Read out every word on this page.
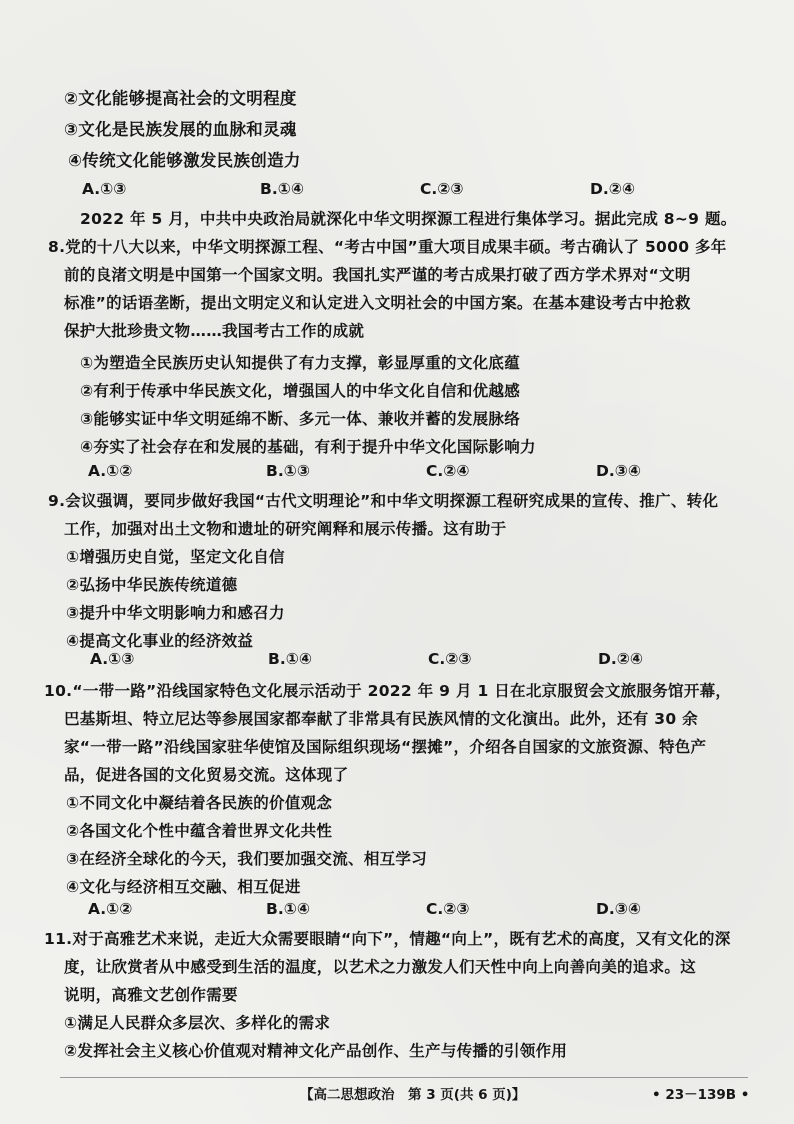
②文化能够提高社会的文明程度
③文化是民族发展的血脉和灵魂
④传统文化能够激发民族创造力
A.①③	B.①④	C.②③	D.②④
2022 年 5 月，中共中央政治局就深化中华文明探源工程进行集体学习。据此完成 8~9 题。
8.党的十八大以来，中华文明探源工程、“考古中国”重大项目成果丰硕。考古确认了 5000 多年
前的良渚文明是中国第一个国家文明。我国扎实严谨的考古成果打破了西方学术界对“文明
标准”的话语垄断，提出文明定义和认定进入文明社会的中国方案。在基本建设考古中抢救
保护大批珍贵文物……我国考古工作的成就
①为塑造全民族历史认知提供了有力支撑，彰显厚重的文化底蕴
②有利于传承中华民族文化，增强国人的中华文化自信和优越感
③能够实证中华文明延绵不断、多元一体、兼收并蓄的发展脉络
④夯实了社会存在和发展的基础，有利于提升中华文化国际影响力
A.①②	B.①③	C.②④	D.③④
9.会议强调，要同步做好我国“古代文明理论”和中华文明探源工程研究成果的宣传、推广、转化
工作，加强对出土文物和遗址的研究阐释和展示传播。这有助于
①增强历史自觉，坚定文化自信
②弘扬中华民族传统道德
③提升中华文明影响力和感召力
④提高文化事业的经济效益
A.①③	B.①④	C.②③	D.②④
10.“一带一路”沿线国家特色文化展示活动于 2022 年 9 月 1 日在北京服贸会文旅服务馆开幕，
巴基斯坦、特立尼达等参展国家都奉献了非常具有民族风情的文化演出。此外，还有 30 余
家“一带一路”沿线国家驻华使馆及国际组织现场“摆摊”，介绍各自国家的文旅资源、特色产
品，促进各国的文化贸易交流。这体现了
①不同文化中凝结着各民族的价值观念
②各国文化个性中蕴含着世界文化共性
③在经济全球化的今天，我们要加强交流、相互学习
④文化与经济相互交融、相互促进
A.①②	B.①④	C.②③	D.③④
11.对于高雅艺术来说，走近大众需要眼睛“向下”，情趣“向上”，既有艺术的高度，又有文化的深
度，让欣赏者从中感受到生活的温度，以艺术之力激发人们天性中向上向善向美的追求。这
说明，高雅文艺创作需要
①满足人民群众多层次、多样化的需求
②发挥社会主义核心价值观对精神文化产品创作、生产与传播的引领作用
【高二思想政治　第 3 页(共 6 页)】	• 23－139B •
